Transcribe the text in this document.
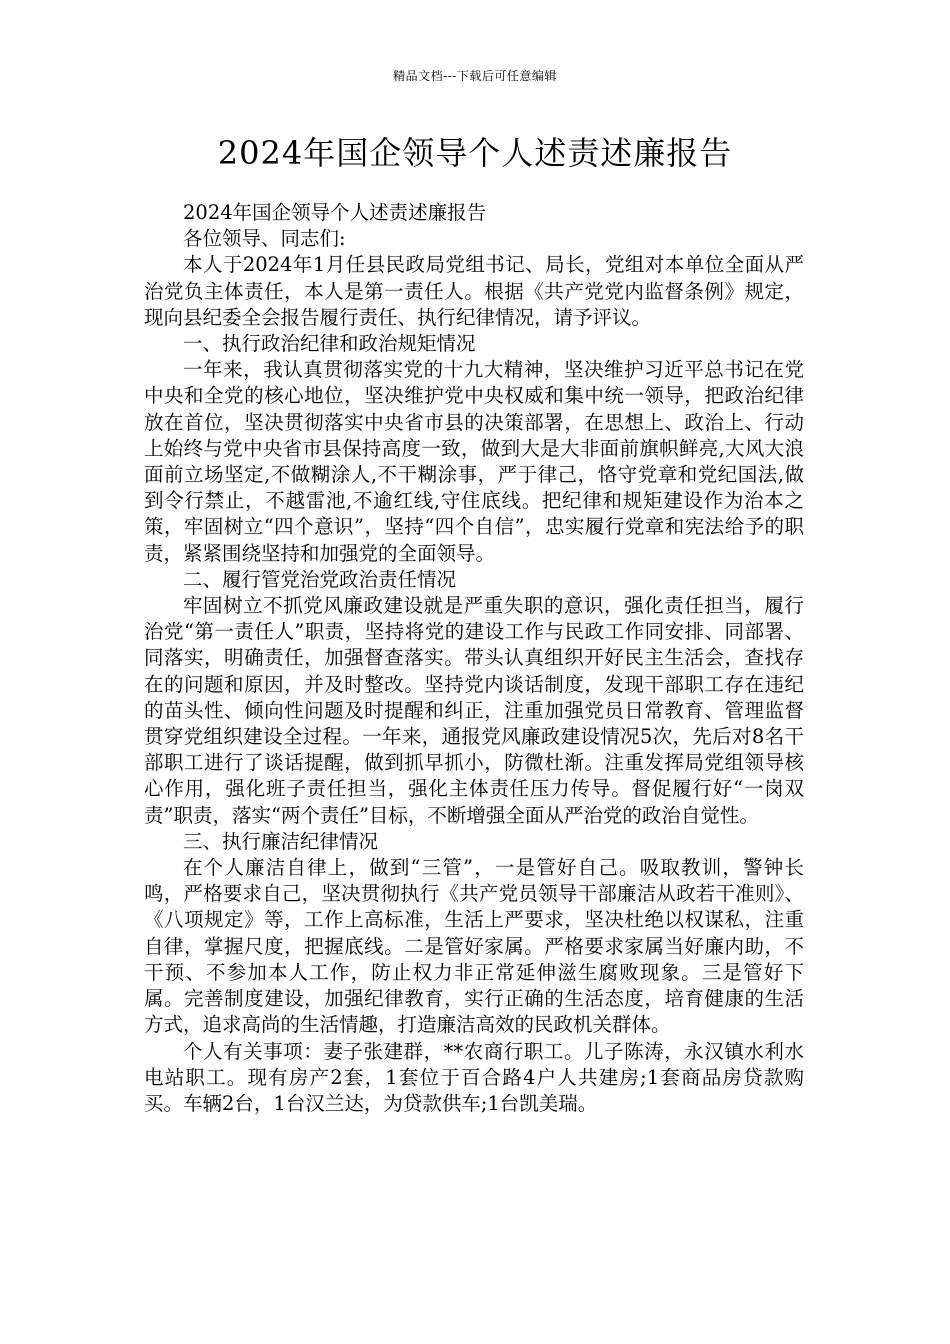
精品文档---下载后可任意编辑
2024年国企领导个人述责述廉报告

2024年国企领导个人述责述廉报告

各位领导、同志们:

本人于2024年1月任县民政局党组书记、局长，党组对本单位全面从严治党负主体责任，本人是第一责任人。根据《共产党党内监督条例》规定，现向县纪委全会报告履行责任、执行纪律情况，请予评议。

一、执行政治纪律和政治规矩情况

一年来，我认真贯彻落实党的十九大精神，坚决维护习近平总书记在党中央和全党的核心地位，坚决维护党中央权威和集中统一领导，把政治纪律放在首位，坚决贯彻落实中央省市县的决策部署，在思想上、政治上、行动上始终与党中央省市县保持高度一致，做到大是大非面前旗帜鲜亮,大风大浪面前立场坚定,不做糊涂人,不干糊涂事，严于律己，恪守党章和党纪国法,做到令行禁止，不越雷池,不逾红线,守住底线。把纪律和规矩建设作为治本之策，牢固树立“四个意识”，坚持“四个自信”，忠实履行党章和宪法给予的职责，紧紧围绕坚持和加强党的全面领导。

二、履行管党治党政治责任情况

牢固树立不抓党风廉政建设就是严重失职的意识，强化责任担当，履行治党“第一责任人”职责，坚持将党的建设工作与民政工作同安排、同部署、同落实，明确责任，加强督查落实。带头认真组织开好民主生活会，查找存在的问题和原因，并及时整改。坚持党内谈话制度，发现干部职工存在违纪的苗头性、倾向性问题及时提醒和纠正，注重加强党员日常教育、管理监督贯穿党组织建设全过程。一年来，通报党风廉政建设情况5次，先后对8名干部职工进行了谈话提醒，做到抓早抓小，防微杜渐。注重发挥局党组领导核心作用，强化班子责任担当，强化主体责任压力传导。督促履行好“一岗双责”职责，落实“两个责任”目标，不断增强全面从严治党的政治自觉性。

三、执行廉洁纪律情况

在个人廉洁自律上，做到“三管”，一是管好自己。吸取教训，警钟长鸣，严格要求自己，坚决贯彻执行《共产党员领导干部廉洁从政若干准则》、《八项规定》等，工作上高标准，生活上严要求，坚决杜绝以权谋私，注重自律，掌握尺度，把握底线。二是管好家属。严格要求家属当好廉内助，不干预、不参加本人工作，防止权力非正常延伸滋生腐败现象。三是管好下属。完善制度建设，加强纪律教育，实行正确的生活态度，培育健康的生活方式，追求高尚的生活情趣，打造廉洁高效的民政机关群体。

个人有关事项：妻子张建群，**农商行职工。儿子陈涛，永汉镇水利水电站职工。现有房产2套，1套位于百合路4户人共建房;1套商品房贷款购买。车辆2台，1台汉兰达，为贷款供车;1台凯美瑞。
